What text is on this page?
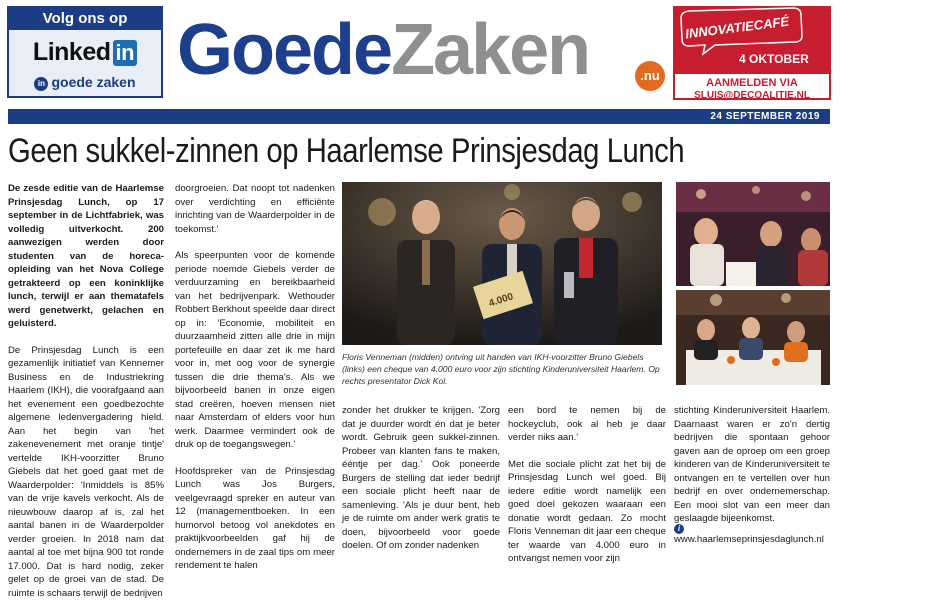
Volg ons op
Linked in
in goede zaken GoedeZaken	.nu
INNOVATIECAFÉ
4 OKTOBER
AANMELDEN VIA
SLUIS@DECOALITIE.NL
24 SEPTEMBER 2019
Geen sukkel-zinnen op Haarlemse Prinsjesdag Lunch

De zesde editie van de Haarlemse Prinsjesdag Lunch, op 17 september in de Lichtfabriek, was volledig uitverkocht. 200 aanwezigen werden door studenten van de horeca-opleiding van het Nova College getrakteerd op een koninklijke lunch, terwijl er aan thematafels werd genetwerkt, gelachen en geluisterd.

De Prinsjesdag Lunch is een gezamenlijk initiatief van Kennemer Business en de Industriekring Haarlem (IKH), die voorafgaand aan het evenement een goedbezochte algemene ledenvergadering hield. Aan het begin van 'het zakenevenement met oranje tintje' vertelde IKH-voorzitter Bruno Giebels dat het goed gaat met de Waarderpolder: 'Inmiddels is 85% van de vrije kavels verkocht. Als de nieuwbouw daarop af is, zal het aantal banen in de Waarderpolder verder groeien. In 2018 nam dat aantal al toe met bijna 900 tot ronde 17.000. Dat is hard nodig, zeker gelet op de groei van de stad. De ruimte is schaars terwijl de bedrijven

doorgroeien. Dat noopt tot nadenken over verdichting en efficiënte inrichting van de Waarderpolder in de toekomst.'

Als speerpunten voor de komende periode noemde Giebels verder de verduurzaming en bereikbaarheid van het bedrijvenpark. Wethouder Robbert Berkhout speelde daar direct op in: 'Economie, mobiliteit en duurzaamheid zitten alle drie in mijn portefeuille en daar zet ik me hard voor in, met oog voor de synergie tussen die drie thema's. Als we bijvoorbeeld banen in onze eigen stad creëren, hoeven mensen niet naar Amsterdam of elders voor hun werk. Daarmee vermindert ook de druk op de toegangswegen.'

Hoofdspreker van de Prinsjesdag Lunch was Jos Burgers, veelgevraagd spreker en auteur van 12 (managementboeken. In een humorvol betoog vol anekdotes en praktijkvoorbeelden gaf hij de ondernemers in de zaal tips om meer rendement te halen

4.000
Foto 's: Noortje Dalhuijsen
Floris Venneman (midden) ontving uit handen van IKH-voorzitter Bruno Giebels (links) een cheque van 4.000 euro voor zijn stichting Kinderuniversiteit Haarlem. Op rechts presentator Dick Kol.

zonder het drukker te krijgen. 'Zorg dat je duurder wordt én dat je beter wordt. Gebruik geen sukkel-zinnen. Probeer van klanten fans te maken, ééntje per dag.' Ook poneerde Burgers de stelling dat ieder bedrijf een sociale plicht heeft naar de samenleving. 'Als je duur bent, heb je de ruimte om ander werk gratis te doen, bijvoorbeeld voor goede doelen. Of om zonder nadenken

een bord te nemen bij de hockeyclub, ook al heb je daar verder niks aan.'

Met die sociale plicht zat het bij de Prinsjesdag Lunch wel goed. Bij iedere editie wordt namelijk een goed doel gekozen waaraan een donatie wordt gedaan. Zo mocht Floris Venneman dit jaar een cheque ter waarde van 4.000 euro in ontvangst nemen voor zijn

stichting Kinderuniversiteit Haarlem. Daarnaast waren er zo'n dertig bedrijven die spontaan gehoor gaven aan de oproep om een groep kinderen van de Kinderuniversiteit te ontvangen en te vertellen over hun bedrijf en over ondernemerschap. Een mooi slot van een meer dan geslaagde bijeenkomst.

iwww.haarlemseprinsjesdaglunch.nl
